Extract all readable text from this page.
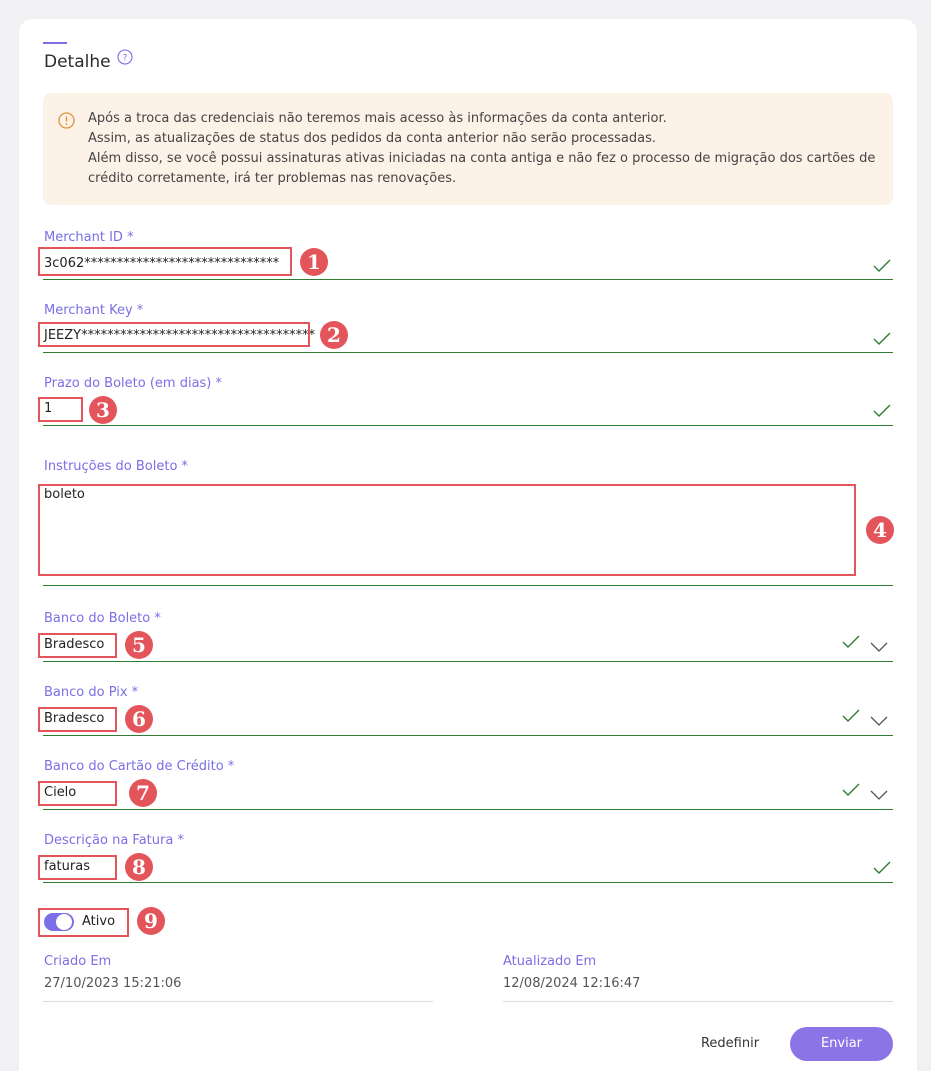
Detalhe ?
Após a troca das credenciais não teremos mais acesso às informações da conta anterior.
Assim, as atualizações de status dos pedidos da conta anterior não serão processadas.
Além disso, se você possui assinaturas ativas iniciadas na conta antiga e não fez o processo de migração dos cartões de
crédito corretamente, irá ter problemas nas renovações.
Merchant ID *
3c062******************************	1
Merchant Key *
JEEZY************************************ 2
Prazo do Boleto (em dias) *
1	3
Instruções do Boleto *
boleto
4
Banco do Boleto *
Bradesco	5
Banco do Pix *
Bradesco	6
Banco do Cartão de Crédito *
Cielo	7
Descrição na Fatura *
faturas	8
Ativo	9
Criado Em
27/10/2023 15:21:06
Atualizado Em
12/08/2024 12:16:47
Redefinir	Enviar
